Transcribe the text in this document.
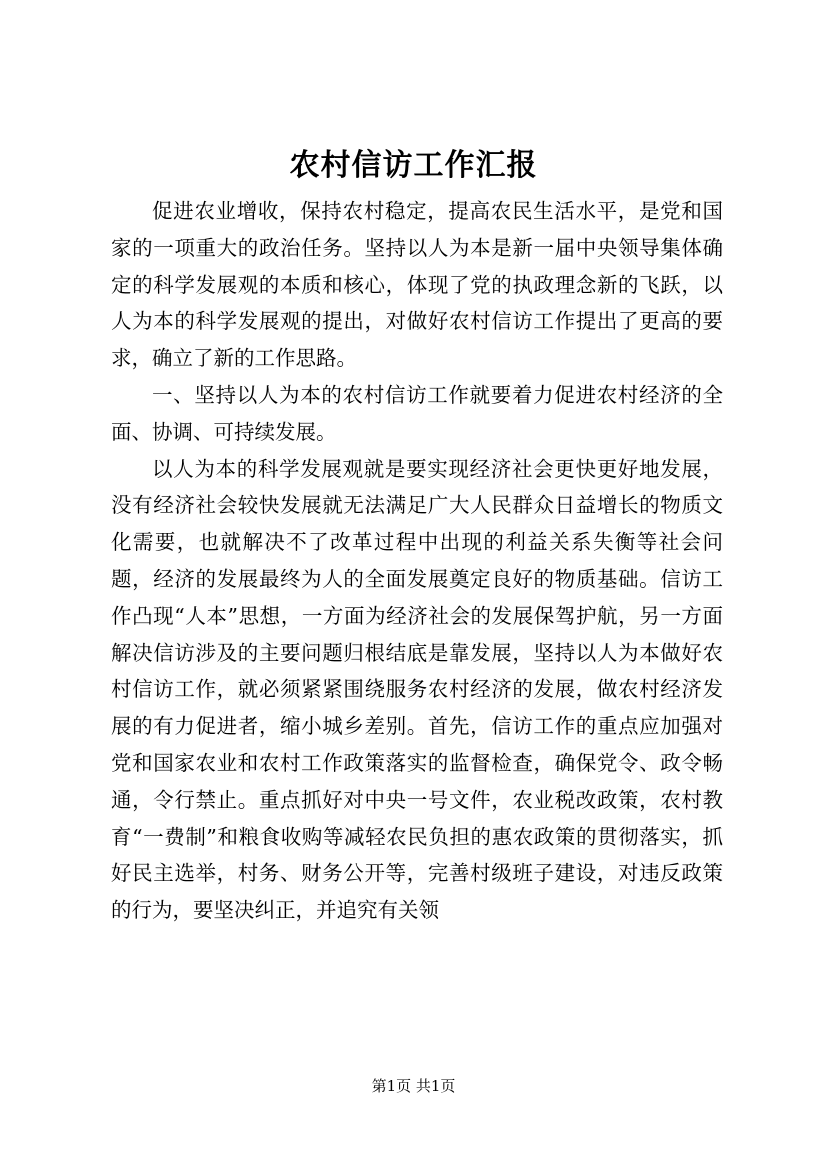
农村信访工作汇报

促进农业增收，保持农村稳定，提高农民生活水平，是党和国家的一项重大的政治任务。坚持以人为本是新一届中央领导集体确定的科学发展观的本质和核心，体现了党的执政理念新的飞跃，以人为本的科学发展观的提出，对做好农村信访工作提出了更高的要求，确立了新的工作思路。

一、坚持以人为本的农村信访工作就要着力促进农村经济的全面、协调、可持续发展。

以人为本的科学发展观就是要实现经济社会更快更好地发展，没有经济社会较快发展就无法满足广大人民群众日益增长的物质文化需要，也就解决不了改革过程中出现的利益关系失衡等社会问题，经济的发展最终为人的全面发展奠定良好的物质基础。信访工作凸现“人本”思想，一方面为经济社会的发展保驾护航，另一方面解决信访涉及的主要问题归根结底是靠发展，坚持以人为本做好农村信访工作，就必须紧紧围绕服务农村经济的发展，做农村经济发展的有力促进者，缩小城乡差别。首先，信访工作的重点应加强对党和国家农业和农村工作政策落实的监督检查，确保党令、政令畅通，令行禁止。重点抓好对中央一号文件，农业税改政策，农村教育“一费制”和粮食收购等减轻农民负担的惠农政策的贯彻落实，抓好民主选举，村务、财务公开等，完善村级班子建设，对违反政策的行为，要坚决纠正，并追究有关领

第1页 共1页
